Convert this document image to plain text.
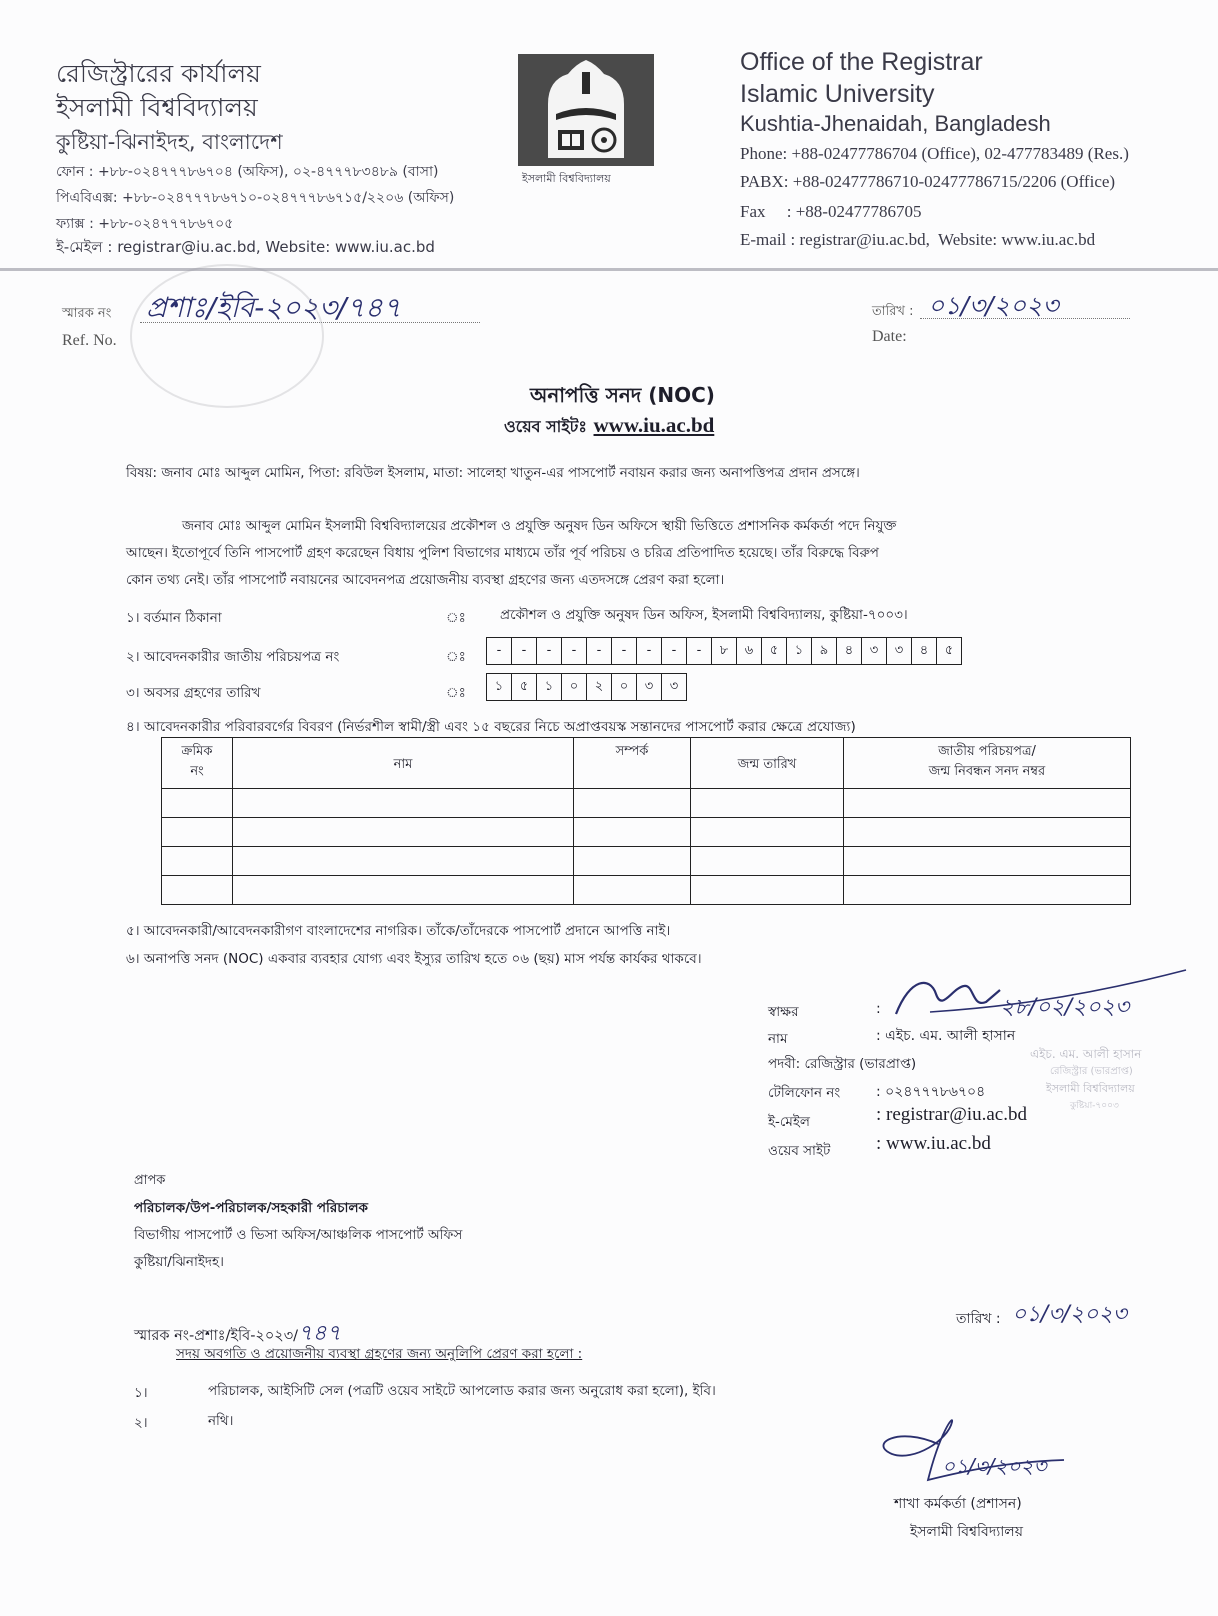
রেজিস্ট্রারের কার্যালয়
ইসলামী বিশ্ববিদ্যালয়
কুষ্টিয়া-ঝিনাইদহ, বাংলাদেশ
ফোন : +৮৮-০২৪৭৭৭৮৬৭০৪ (অফিস), ০২-৪৭৭৭৮৩৪৮৯ (বাসা)
পিএবিএক্স: +৮৮-০২৪৭৭৭৮৬৭১০-০২৪৭৭৭৮৬৭১৫/২২০৬ (অফিস)
ফ্যাক্স : +৮৮-০২৪৭৭৭৮৬৭০৫
ই-মেইল : registrar@iu.ac.bd, Website: www.iu.ac.bd
ইসলামী বিশ্ববিদ্যালয়
Office of the Registrar
Islamic University
Kushtia-Jhenaidah, Bangladesh
Phone: +88-02477786704 (Office), 02-477783489 (Res.)
PABX: +88-02477786710-02477786715/2206 (Office)
Fax     : +88-02477786705
E-mail : registrar@iu.ac.bd,  Website: www.iu.ac.bd
স্মারক নং
Ref. No.
প্রশাঃ/ইবি-২০২৩/৭৪৭	তারিখ : ০১/৩/২০২৩
Date:
অনাপত্তি সনদ (NOC)
ওয়েব সাইটঃ www.iu.ac.bd
বিষয়: জনাব মোঃ আব্দুল মোমিন, পিতা: রবিউল ইসলাম, মাতা: সালেহা খাতুন-এর পাসপোর্ট নবায়ন করার জন্য অনাপত্তিপত্র প্রদান প্রসঙ্গে।
জনাব মোঃ আব্দুল মোমিন ইসলামী বিশ্ববিদ্যালয়ের প্রকৌশল ও প্রযুক্তি অনুষদ ডিন অফিসে স্থায়ী ভিত্তিতে প্রশাসনিক কর্মকর্তা পদে নিযুক্ত
আছেন। ইতোপূর্বে তিনি পাসপোর্ট গ্রহণ করেছেন বিধায় পুলিশ বিভাগের মাধ্যমে তাঁর পূর্ব পরিচয় ও চরিত্র প্রতিপাদিত হয়েছে। তাঁর বিরুদ্ধে বিরুপ
কোন তথ্য নেই। তাঁর পাসপোর্ট নবায়নের আবেদনপত্র প্রয়োজনীয় ব্যবস্থা গ্রহণের জন্য এতদসঙ্গে প্রেরণ করা হলো।
১। বর্তমান ঠিকানা	ঃ	প্রকৌশল ও প্রযুক্তি অনুষদ ডিন অফিস, ইসলামী বিশ্ববিদ্যালয়, কুষ্টিয়া-৭০০৩।
২। আবেদনকারীর জাতীয় পরিচয়পত্র নং	ঃ	-	-	-	-	-	-	-	-	-	৮	৬	৫	১	৯	৪	৩	৩	৪	৫
৩। অবসর গ্রহণের তারিখ	ঃ	১	৫	১	০	২	০	৩	৩
৪। আবেদনকারীর পরিবারবর্গের বিবরণ (নির্ভরশীল স্বামী/স্ত্রী এবং ১৫ বছরের নিচে অপ্রাপ্তবয়স্ক সন্তানদের পাসপোর্ট করার ক্ষেত্রে প্রযোজ্য)
ক্রমিক
নং	নাম	সম্পর্ক	জন্ম তারিখ	জাতীয় পরিচয়পত্র/
জন্ম নিবন্ধন সনদ নম্বর

৫। আবেদনকারী/আবেদনকারীগণ বাংলাদেশের নাগরিক। তাঁকে/তাঁদেরকে পাসপোর্ট প্রদানে আপত্তি নাই।
৬। অনাপত্তি সনদ (NOC) একবার ব্যবহার যোগ্য এবং ইস্যুর তারিখ হতে ০৬ (ছয়) মাস পর্যন্ত কার্যকর থাকবে।
স্বাক্ষর	:	২৮/০২/২০২৩
নাম	: এইচ. এম. আলী হাসান
পদবী: রেজিস্ট্রার (ভারপ্রাপ্ত)
টেলিফোন নং	: ০২৪৭৭৭৮৬৭০৪
ই-মেইল	: registrar@iu.ac.bd
ওয়েব সাইট : www.iu.ac.bd
এইচ. এম. আলী হাসান
রেজিস্ট্রার (ভারপ্রাপ্ত)
ইসলামী বিশ্ববিদ্যালয়
কুষ্টিয়া-৭০০৩
প্রাপক
পরিচালক/উপ-পরিচালক/সহকারী পরিচালক
বিভাগীয় পাসপোর্ট ও ভিসা অফিস/আঞ্চলিক পাসপোর্ট অফিস
কুষ্টিয়া/ঝিনাইদহ।
স্মারক নং-প্রশাঃ/ইবি-২০২৩/৭৪৭
তারিখ : ০১/৩/২০২৩
সদয় অবগতি ও প্রয়োজনীয় ব্যবস্থা গ্রহণের জন্য অনুলিপি প্রেরণ করা হলো :
১।	পরিচালক, আইসিটি সেল (পত্রটি ওয়েব সাইটে আপলোড করার জন্য অনুরোধ করা হলো), ইবি।
২।	নথি।
০১/৩/২০২৩
শাখা কর্মকর্তা (প্রশাসন)
ইসলামী বিশ্ববিদ্যালয়
